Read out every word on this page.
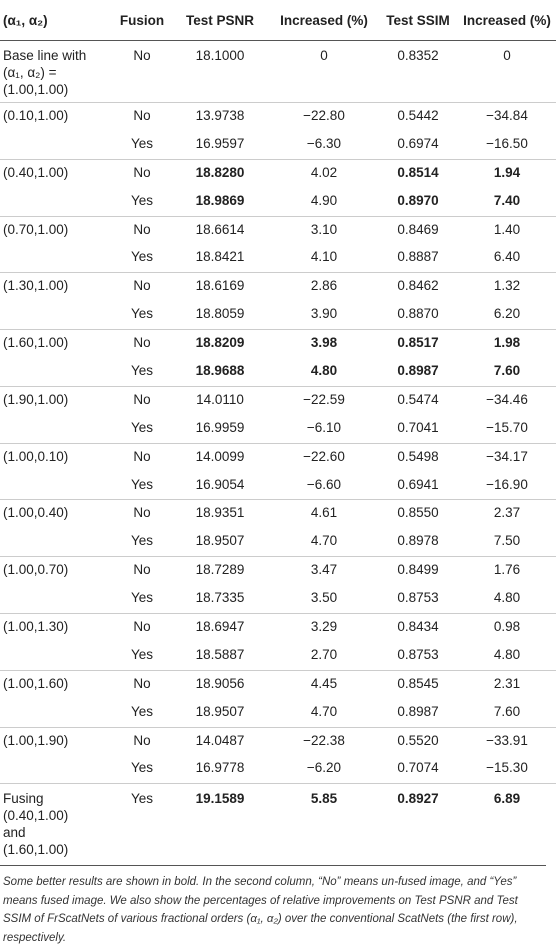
(α₁, α₂)	Fusion	Test PSNR	Increased (%)	Test SSIM	Increased (%)

Base line with
(α₁, α₂) =
(1.00,1.00)	No	18.1000	0	0.8352	0
(0.10,1.00)	No	13.9738	−22.80	0.5442	−34.84
	Yes	16.9597	−6.30	0.6974	−16.50
(0.40,1.00)	No	18.8280	4.02	0.8514	1.94
	Yes	18.9869	4.90	0.8970	7.40
(0.70,1.00)	No	18.6614	3.10	0.8469	1.40
	Yes	18.8421	4.10	0.8887	6.40
(1.30,1.00)	No	18.6169	2.86	0.8462	1.32
	Yes	18.8059	3.90	0.8870	6.20
(1.60,1.00)	No	18.8209	3.98	0.8517	1.98
	Yes	18.9688	4.80	0.8987	7.60
(1.90,1.00)	No	14.0110	−22.59	0.5474	−34.46
	Yes	16.9959	−6.10	0.7041	−15.70
(1.00,0.10)	No	14.0099	−22.60	0.5498	−34.17
	Yes	16.9054	−6.60	0.6941	−16.90
(1.00,0.40)	No	18.9351	4.61	0.8550	2.37
	Yes	18.9507	4.70	0.8978	7.50
(1.00,0.70)	No	18.7289	3.47	0.8499	1.76
	Yes	18.7335	3.50	0.8753	4.80
(1.00,1.30)	No	18.6947	3.29	0.8434	0.98
	Yes	18.5887	2.70	0.8753	4.80
(1.00,1.60)	No	18.9056	4.45	0.8545	2.31
	Yes	18.9507	4.70	0.8987	7.60
(1.00,1.90)	No	14.0487	−22.38	0.5520	−33.91
	Yes	16.9778	−6.20	0.7074	−15.30

Fusing
(0.40,1.00)
and
(1.60,1.00)	Yes	19.1589	5.85	0.8927	6.89
Some better results are shown in bold. In the second column, “No” means un-fused image, and “Yes” means fused image. We also show the percentages of relative improvements on Test PSNR and Test SSIM of FrScatNets of various fractional orders (α₁, α₂) over the conventional ScatNets (the first row), respectively.
